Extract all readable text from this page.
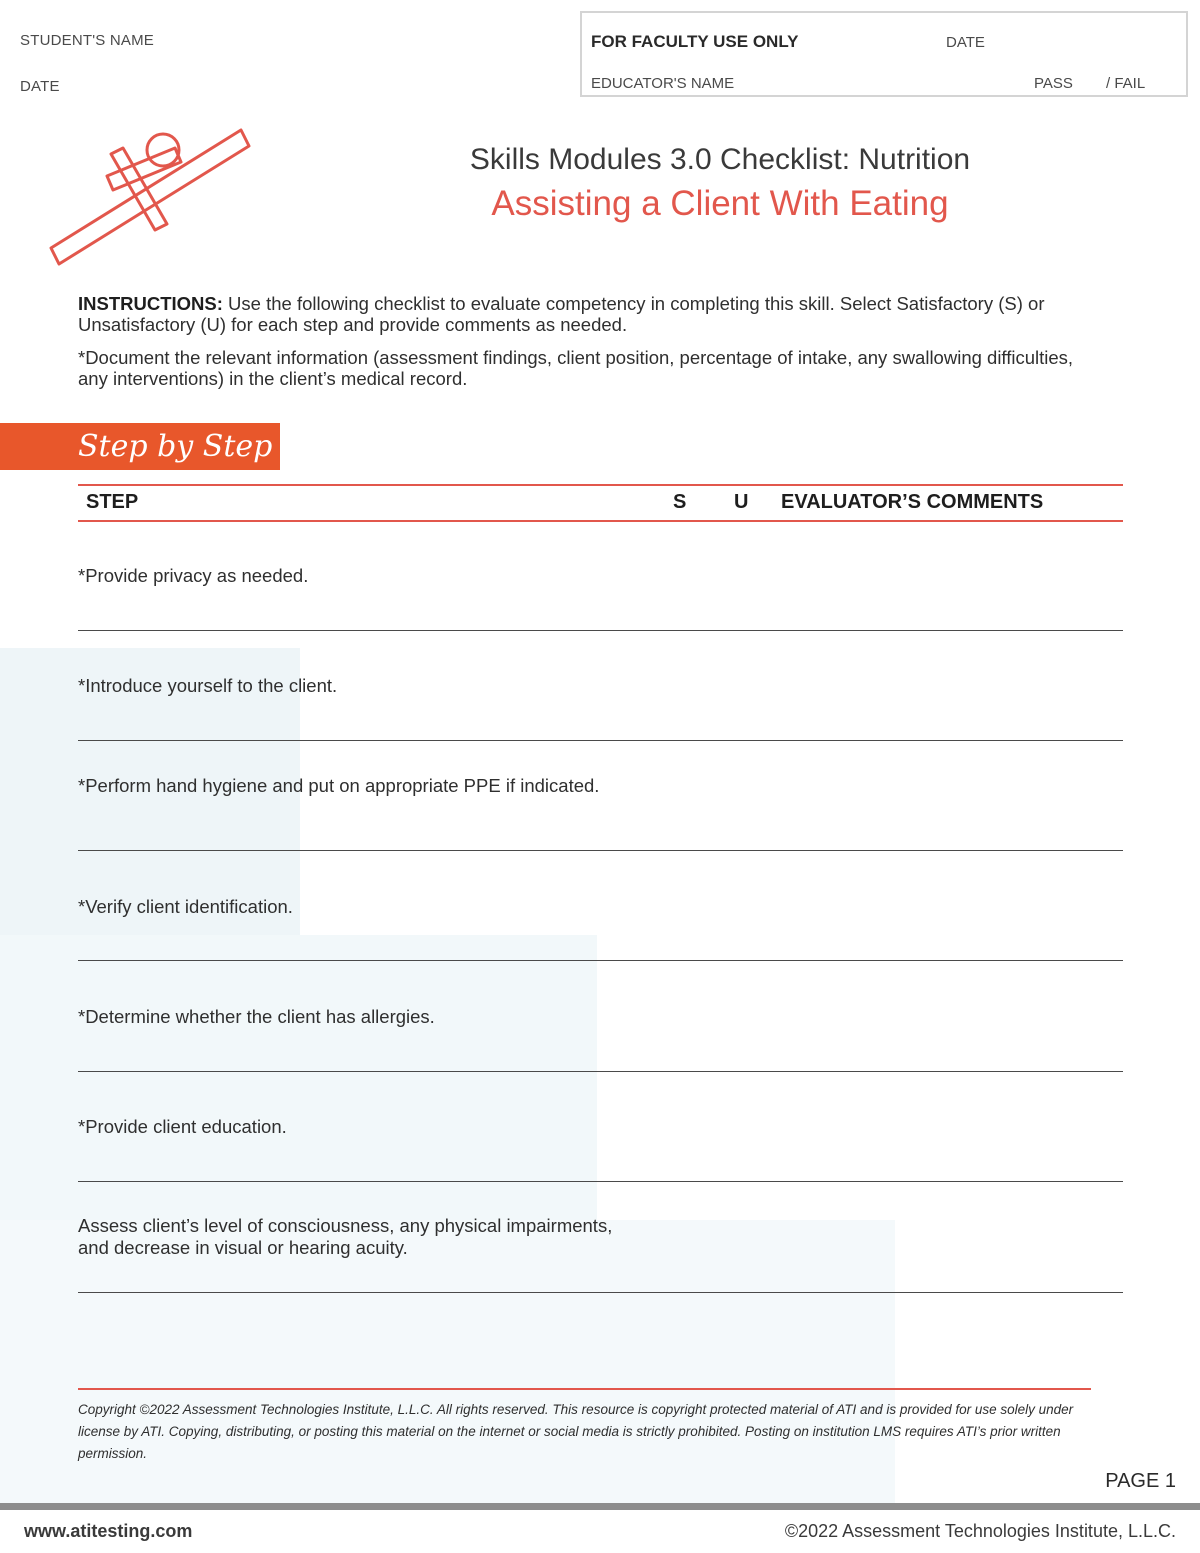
STUDENT'S NAME
DATE
FOR FACULTY USE ONLY	DATE
EDUCATOR'S NAME	PASS / FAIL
Skills Modules 3.0 Checklist: Nutrition
Assisting a Client With Eating

INSTRUCTIONS: Use the following checklist to evaluate competency in completing this skill. Select Satisfactory (S) or Unsatisfactory (U) for each step and provide comments as needed.

*Document the relevant information (assessment findings, client position, percentage of intake, any swallowing difficulties, any interventions) in the client’s medical record.

Step by Step
STEP	S U EVALUATOR’S COMMENTS
*Provide privacy as needed.
*Introduce yourself to the client.
*Perform hand hygiene and put on appropriate PPE if indicated.
*Verify client identification.
*Determine whether the client has allergies.
*Provide client education.
Assess client’s level of consciousness, any physical impairments, and decrease in visual or hearing acuity.
Copyright ©2022 Assessment Technologies Institute, L.L.C. All rights reserved. This resource is copyright protected material of ATI and is provided for use solely under license by ATI. Copying, distributing, or posting this material on the internet or social media is strictly prohibited. Posting on institution LMS requires ATI’s prior written permission.
PAGE 1
www.atitesting.com	©2022 Assessment Technologies Institute, L.L.C.
